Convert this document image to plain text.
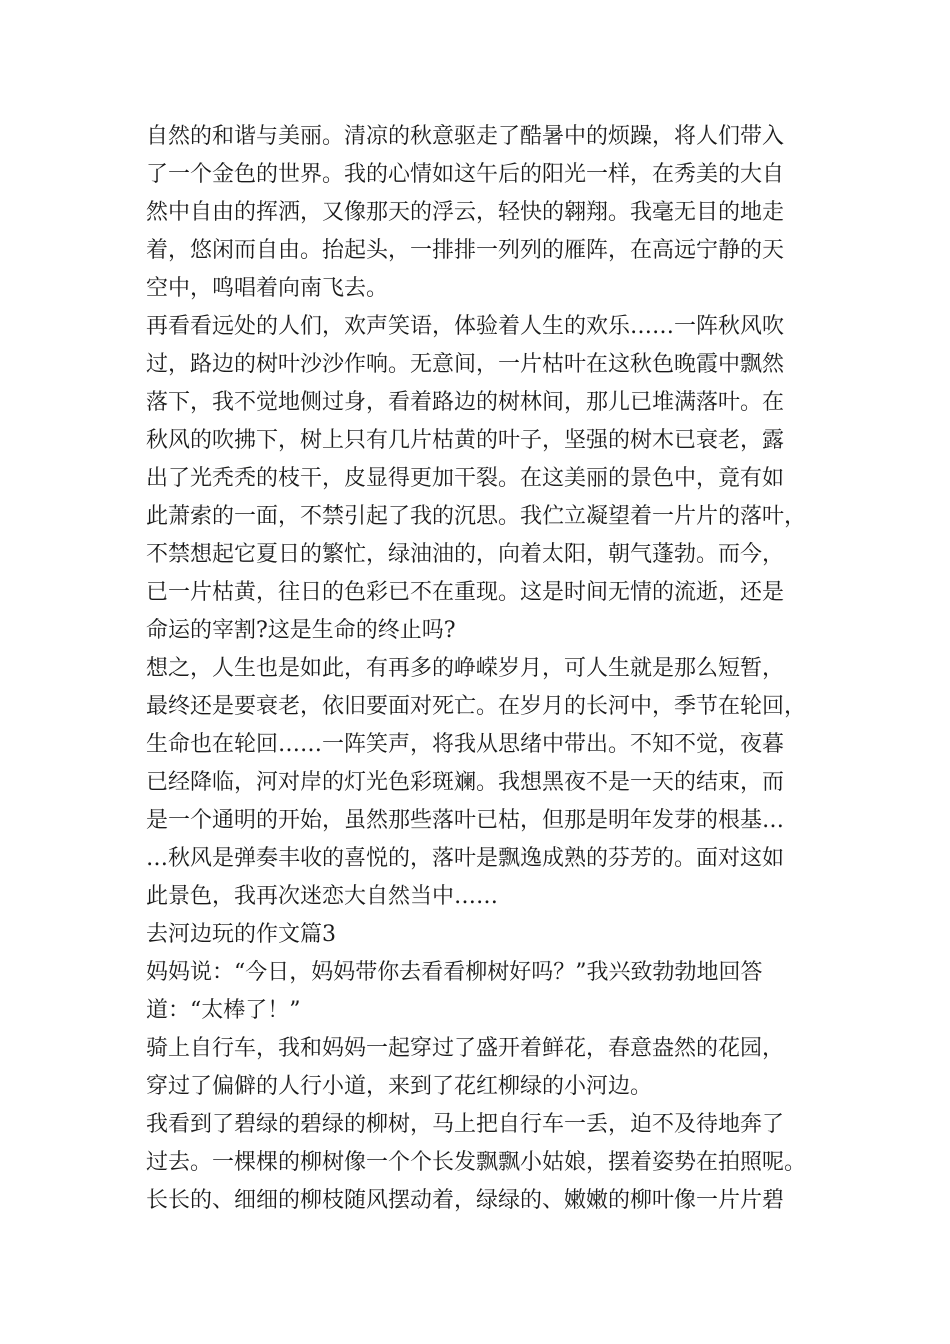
自然的和谐与美丽。清凉的秋意驱走了酷暑中的烦躁，将人们带入
了一个金色的世界。我的心情如这午后的阳光一样，在秀美的大自
然中自由的挥洒，又像那天的浮云，轻快的翱翔。我毫无目的地走
着，悠闲而自由。抬起头，一排排一列列的雁阵，在高远宁静的天
空中，鸣唱着向南飞去。
再看看远处的人们，欢声笑语，体验着人生的欢乐……一阵秋风吹
过，路边的树叶沙沙作响。无意间，一片枯叶在这秋色晚霞中飘然
落下，我不觉地侧过身，看着路边的树林间，那儿已堆满落叶。在
秋风的吹拂下，树上只有几片枯黄的叶子，坚强的树木已衰老，露
出了光秃秃的枝干，皮显得更加干裂。在这美丽的景色中，竟有如
此萧索的一面，不禁引起了我的沉思。我伫立凝望着一片片的落叶，
不禁想起它夏日的繁忙，绿油油的，向着太阳，朝气蓬勃。而今，
已一片枯黄，往日的色彩已不在重现。这是时间无情的流逝，还是
命运的宰割?这是生命的终止吗?
想之，人生也是如此，有再多的峥嵘岁月，可人生就是那么短暂，
最终还是要衰老，依旧要面对死亡。在岁月的长河中，季节在轮回，
生命也在轮回……一阵笑声，将我从思绪中带出。不知不觉，夜暮
已经降临，河对岸的灯光色彩斑斓。我想黑夜不是一天的结束，而
是一个通明的开始，虽然那些落叶已枯，但那是明年发芽的根基…
…秋风是弹奏丰收的喜悦的，落叶是飘逸成熟的芬芳的。面对这如
此景色，我再次迷恋大自然当中……
去河边玩的作文篇3
妈妈说：“今日，妈妈带你去看看柳树好吗？”我兴致勃勃地回答
道：“太棒了！”
骑上自行车，我和妈妈一起穿过了盛开着鲜花，春意盎然的花园，
穿过了偏僻的人行小道，来到了花红柳绿的小河边。
我看到了碧绿的碧绿的柳树，马上把自行车一丢，迫不及待地奔了
过去。一棵棵的柳树像一个个长发飘飘小姑娘，摆着姿势在拍照呢。
长长的、细细的柳枝随风摆动着，绿绿的、嫩嫩的柳叶像一片片碧
